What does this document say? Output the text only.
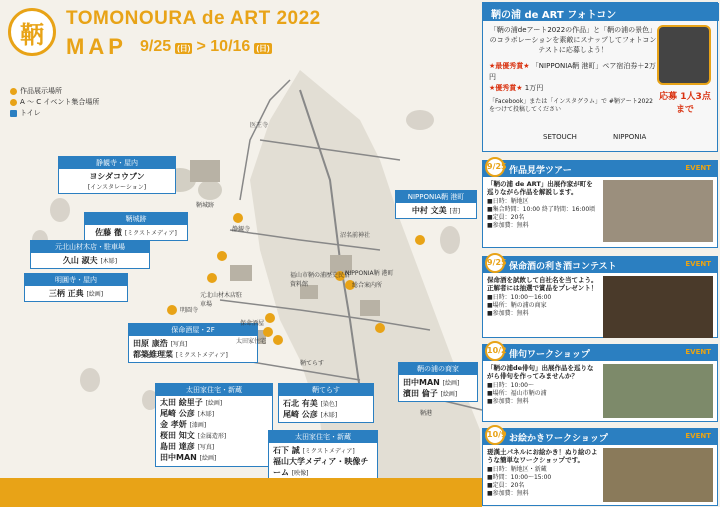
鞆
TOMONOURA de ART 2022
MAP 9/25 (日) > 10/16 (日)
作品展示場所
A 〜 C イベント集合場所
トイレ
静観寺・屋内
ヨシダコウブン
[インスタレーション]
鞆城跡
佐藤 徹 [ミクストメディア]
元北山材木店・駐車場
久山 淑夫 [木彫]
明圓寺・屋内
三柄 正典 [絵画]
保命酒屋・2F
田原 康浩 [写真]
都築維理菜 [ミクストメディア]
太田家住宅・新蔵
太田 絵里子 [絵画]
尾崎 公彦 [木彫]
金 孝妍 [漆画]
桜田 知文 [金属造形]
島田 達彦 [写真]
田中MAN [絵画]
鞆てらす
石北 有美 [染色]
尾崎 公彦 [木彫]
太田家住宅・新蔵
石下 誠 [ミクストメディア]
福山大学メディア・映像チーム [映像]
NIPPONIA鞆 港町
中村 文美 [書]
鞆の浦の商家
田中MAN [絵画]
濱田 倫子 [絵画]
鞆城跡
静観寺
福山市鞆の浦歴史民俗資料館
元北山材木店駐車場
明圓寺
保命酒屋
太田家住宅
鞆てらす
NIPPONIA鞆 港町
総合案内所
沼名前神社
医王寺
鞆港
鞆の浦 de ART フォトコン
「鞆の浦deアート2022の作品」と「鞆の浦の景色」のコラボレーションを素敵にスナップしてフォトコンテストに応募しよう！
★最優秀賞★ 「NIPPONIA鞆 港町」ペア宿泊券＋2万円
★優秀賞★ 1万円
「Facebook」または「インスタグラム」で #鞆アート2022 をつけて投稿してください
応募 1人3点まで
SETOUCH	NIPPONIA
9/25 作品見学ツアー	EVENT
「鞆の浦 de ART」出展作家が町を巡りながら作品を解説します。
■日時：鞆地区
■集合時間：10:00 終了時間：16:00頃
■定員：20名
■参加費：無料
9/25 保命酒の利き酒コンテスト	EVENT
保命酒を試飲して自社名を当てよう。正解者には抽選で賞品をプレゼント！
■日時：10:00〜16:00
■場所：鞆の浦の商家
■参加費：無料
10/2 俳句ワークショップ	EVENT
「鞆の浦de俳句」出展作品を巡りながら俳句を作ってみませんか？
■日時：10:00〜
■場所：福山市鞆の浦
■参加費：無料
10/9 お絵かきワークショップ	EVENT
瑳漢土パネルにお絵かき！ぬり絵のような簡単なワークショップです。
■日時：鞆地区・新蔵
■時間：10:00〜15:00
■定員：20名
■参加費：無料
